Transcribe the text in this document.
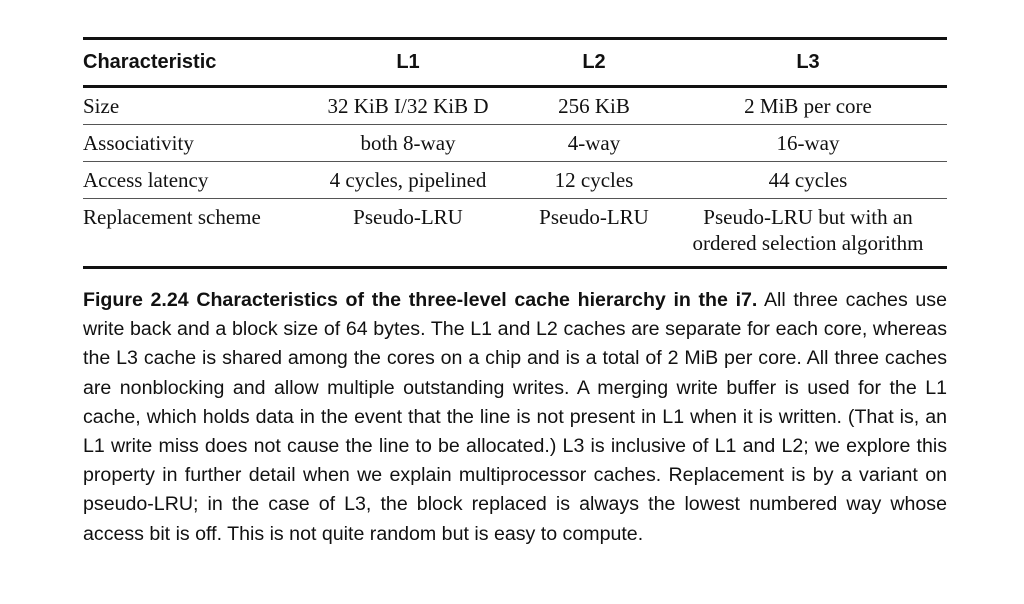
Characteristic	L1	L2	L3
Size	32 KiB I/32 KiB D	256 KiB	2 MiB per core
Associativity	both 8-way	4-way	16-way
Access latency	4 cycles, pipelined	12 cycles	44 cycles
Replacement scheme	Pseudo-LRU	Pseudo-LRU	Pseudo-LRU but with an ordered selection algorithm
Figure 2.24 Characteristics of the three-level cache hierarchy in the i7. All three caches use write back and a block size of 64 bytes. The L1 and L2 caches are separate for each core, whereas the L3 cache is shared among the cores on a chip and is a total of 2 MiB per core. All three caches are nonblocking and allow multiple outstanding writes. A merging write buffer is used for the L1 cache, which holds data in the event that the line is not present in L1 when it is written. (That is, an L1 write miss does not cause the line to be allocated.) L3 is inclusive of L1 and L2; we explore this property in further detail when we explain multiprocessor caches. Replacement is by a variant on pseudo-LRU; in the case of L3, the block replaced is always the lowest numbered way whose access bit is off. This is not quite random but is easy to compute.
